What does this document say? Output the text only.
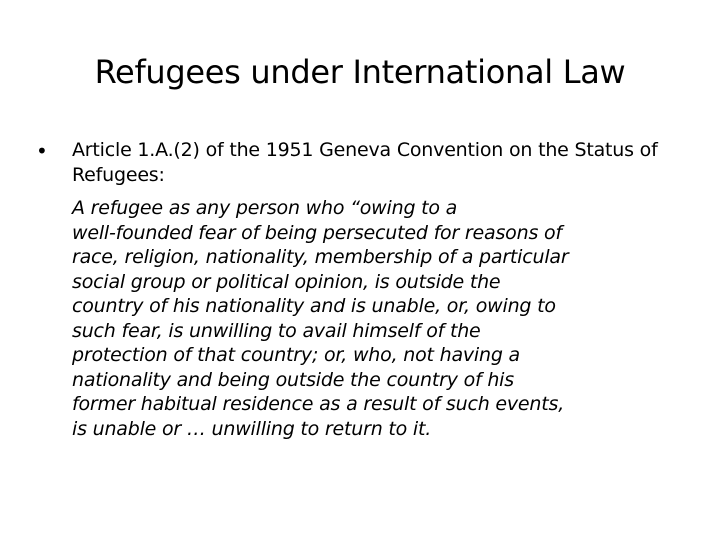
Refugees under International Law
• Article 1.A.(2) of the 1951 Geneva Convention on the Status of Refugees:

A refugee as any person who “owing to a
well-founded fear of being persecuted for reasons of
race, religion, nationality, membership of a particular
social group or political opinion, is outside the
country of his nationality and is unable, or, owing to
such fear, is unwilling to avail himself of the
protection of that country; or, who, not having a
nationality and being outside the country of his
former habitual residence as a result of such events,
is unable or … unwilling to return to it.
